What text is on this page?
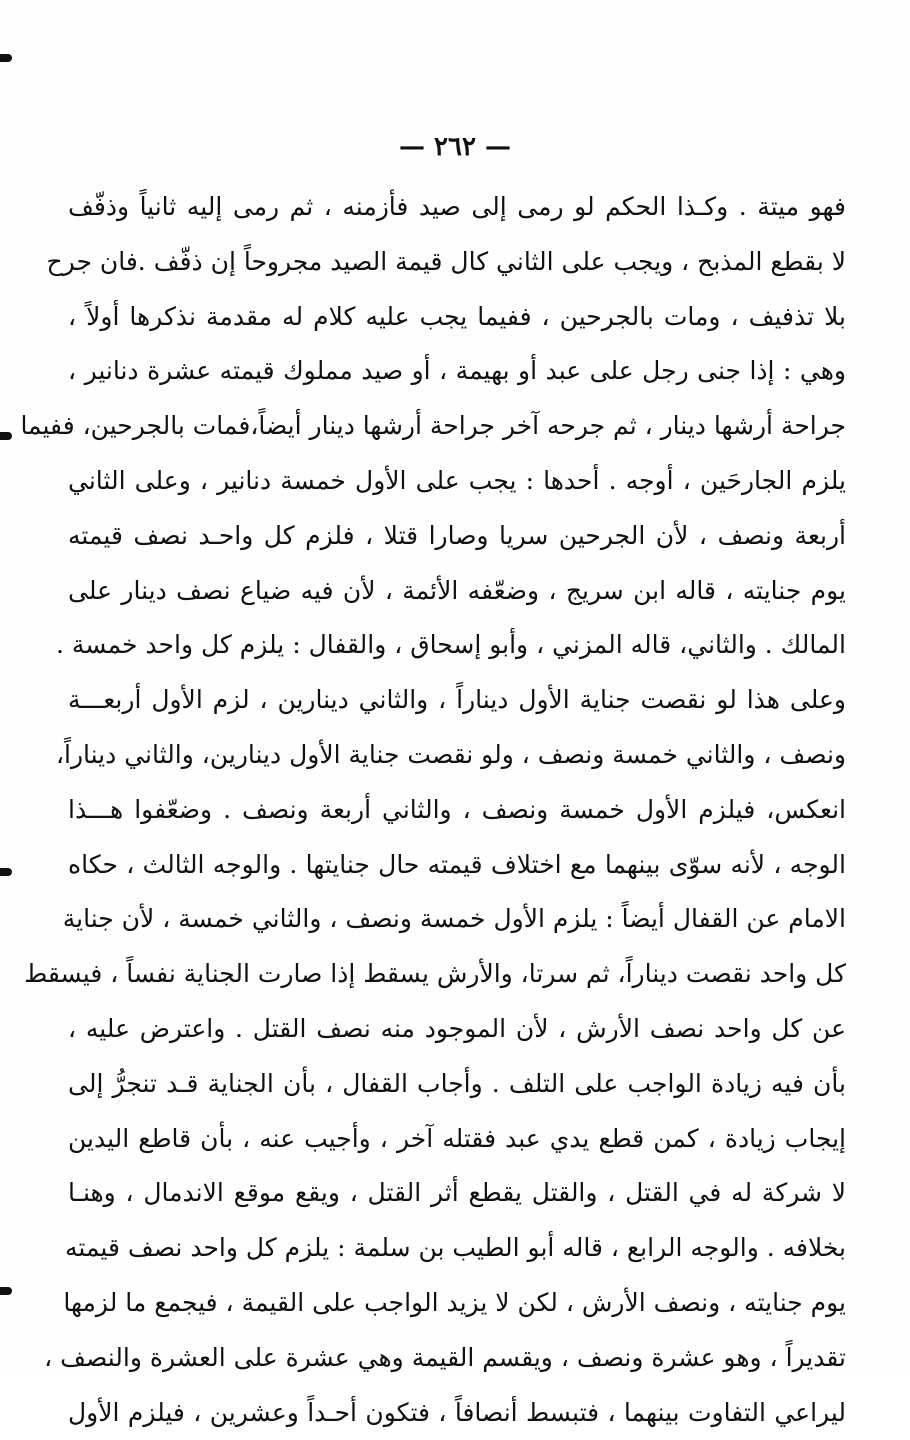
— ٢٦٢ —
فهو ميتة . وكـذا الحكم لو رمى إلى صيد فأزمنه ، ثم رمى إليه ثانياً وذفّف
لا بقطع المذبح ، ويجب على الثاني كال قيمة الصيد مجروحاً إن ذفّف .فان جرح
بلا تذفيف ، ومات بالجرحين ، ففيما يجب عليه كلام له مقدمة نذكرها أولاً ،
وهي : إذا جنى رجل على عبد أو بهيمة ، أو صيد مملوك قيمته عشرة دنانير ،
جراحة أرشها دينار ، ثم جرحه آخر جراحة أرشها دينار أيضاً،فمات بالجرحين، ففيما
يلزم الجارحَين ، أوجه . أحدها : يجب على الأول خمسة دنانير ، وعلى الثاني
أربعة ونصف ، لأن الجرحين سريا وصارا قتلا ، فلزم كل واحـد نصف قيمته
يوم جنايته ، قاله ابن سريج ، وضعّفه الأئمة ، لأن فيه ضياع نصف دينار على
المالك . والثاني، قاله المزني ، وأبو إسحاق ، والقفال : يلزم كل واحد خمسة .
وعلى هذا لو نقصت جناية الأول ديناراً ، والثاني دينارين ، لزم الأول أربعـــة
ونصف ، والثاني خمسة ونصف ، ولو نقصت جناية الأول دينارين، والثاني ديناراً،
انعكس، فيلزم الأول خمسة ونصف ، والثاني أربعة ونصف . وضعّفوا هـــذا
الوجه ، لأنه سوّى بينهما مع اختلاف قيمته حال جنايتها . والوجه الثالث ، حكاه
الامام عن القفال أيضاً : يلزم الأول خمسة ونصف ، والثاني خمسة ، لأن جناية
كل واحد نقصت ديناراً، ثم سرتا، والأرش يسقط إذا صارت الجناية نفساً ، فيسقط
عن كل واحد نصف الأرش ، لأن الموجود منه نصف القتل . واعترض عليه ،
بأن فيه زيادة الواجب على التلف . وأجاب القفال ، بأن الجناية قـد تنجرُّ إلى
إيجاب زيادة ، كمن قطع يدي عبد فقتله آخر ، وأجيب عنه ، بأن قاطع اليدين
لا شركة له في القتل ، والقتل يقطع أثر القتل ، ويقع موقع الاندمال ، وهنـا
بخلافه . والوجه الرابع ، قاله أبو الطيب بن سلمة : يلزم كل واحد نصف قيمته
يوم جنايته ، ونصف الأرش ، لكن لا يزيد الواجب على القيمة ، فيجمع ما لزمها
تقديراً ، وهو عشرة ونصف ، ويقسم القيمة وهي عشرة على العشرة والنصف ،
ليراعي التفاوت بينهما ، فتبسط أنصافاً ، فتكون أحـداً وعشرين ، فيلزم الأول
